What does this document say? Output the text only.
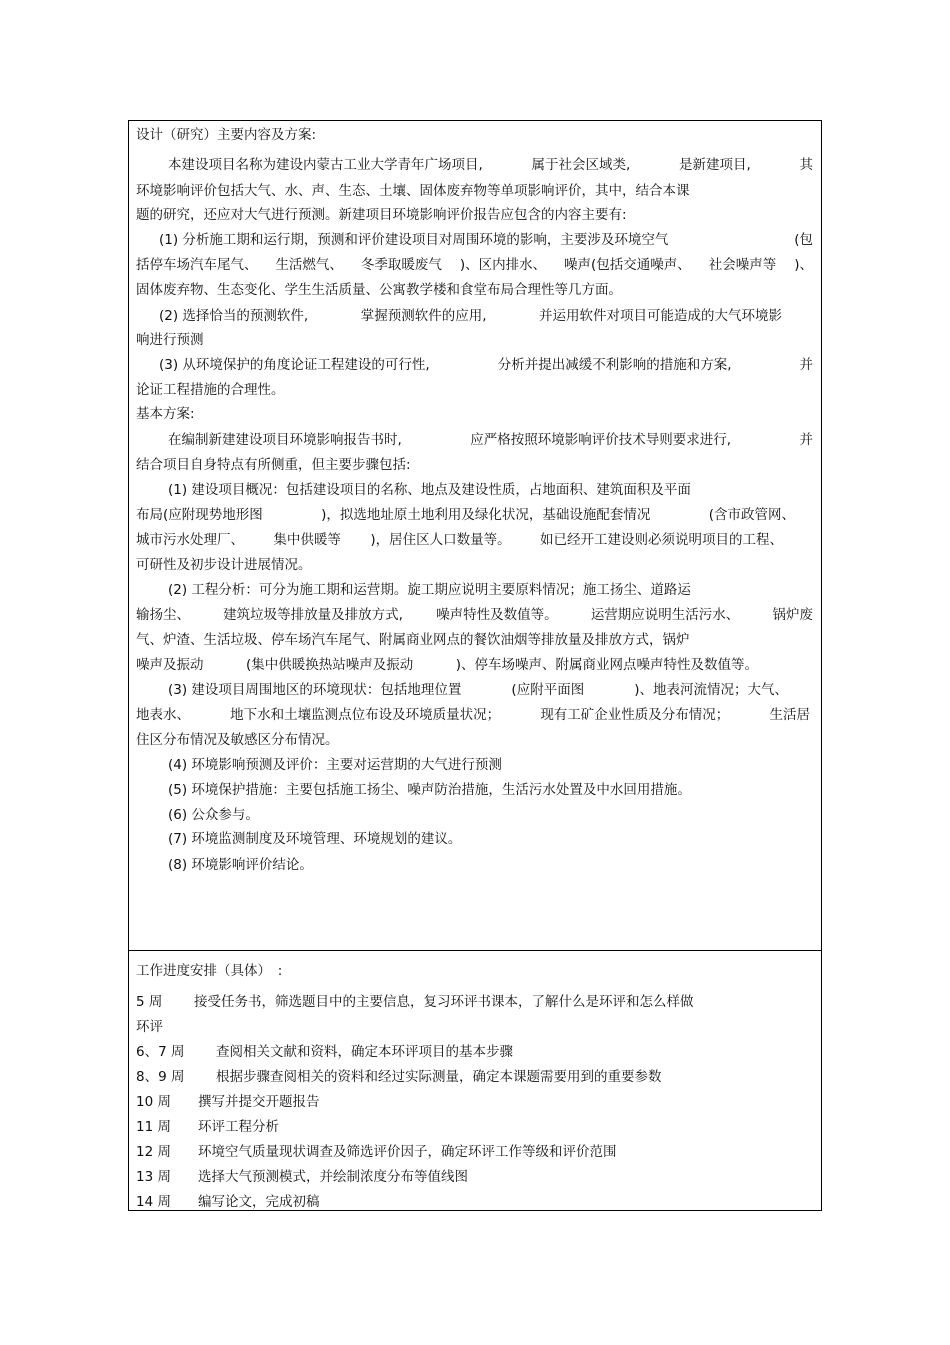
设计（研究）主要内容及方案:
本建设项目名称为建设内蒙古工业大学青年广场项目,	属于社会区域类,	是新建项目,	其
环境影响评价包括大气、水、声、生态、土壤、固体废弃物等单项影响评价，其中，结合本课
题的研究，还应对大气进行预测。新建项目环境影响评价报告应包含的内容主要有:
(1) 分析施工期和运行期，预测和评价建设项目对周围环境的影响，主要涉及环境空气	(包
括停车场汽车尾气、 生活燃气、 冬季取暖废气 )、区内排水、 噪声(包括交通噪声、 社会噪声等 )、
固体废弃物、生态变化、学生生活质量、公寓教学楼和食堂布局合理性等几方面。
(2) 选择恰当的预测软件,	掌握预测软件的应用,	并运用软件对项目可能造成的大气环境影
响进行预测
(3) 从环境保护的角度论证工程建设的可行性,	分析并提出减缓不利影响的措施和方案,	并
论证工程措施的合理性。
基本方案:
在编制新建建设项目环境影响报告书时,	应严格按照环境影响评价技术导则要求进行,	并
结合项目自身特点有所侧重，但主要步骤包括:
(1) 建设项目概况：包括建设项目的名称、地点及建设性质，占地面积、建筑面积及平面
布局(应附现势地形图	)，拟选地址原土地利用及绿化状况，基础设施配套情况	(含市政管网、
城市污水处理厂、 集中供暖等 )，居住区人口数量等。 如已经开工建设则必须说明项目的工程、
可研性及初步设计进展情况。
(2) 工程分析：可分为施工期和运营期。旋工期应说明主要原料情况；施工扬尘、道路运
输扬尘、 建筑垃圾等排放量及排放方式, 噪声特性及数值等。 运营期应说明生活污水、 锅炉废
气、炉渣、生活垃圾、停车场汽车尾气、附属商业网点的餐饮油烟等排放量及排放方式，锅炉
噪声及振动	(集中供暖换热站噪声及振动	)、停车场噪声、附属商业网点噪声特性及数值等。
(3) 建设项目周围地区的环境现状：包括地理位置	(应附平面图	)、地表河流情况；大气、
地表水、	地下水和土壤监测点位布设及环境质量状况；	现有工矿企业性质及分布情况；	生活居
住区分布情况及敏感区分布情况。
(4) 环境影响预测及评价：主要对运营期的大气进行预测
(5) 环境保护措施：主要包括施工扬尘、噪声防治措施，生活污水处置及中水回用措施。
(6) 公众参与。
(7) 环境监测制度及环境管理、环境规划的建议。
(8) 环境影响评价结论。
工作进度安排（具体）　:
5 周 接受任务书，筛选题目中的主要信息，复习环评书课本，了解什么是环评和怎么样做
环评
6、7 周 查阅相关文献和资料，确定本环评项目的基本步骤
8、9 周 根据步骤查阅相关的资料和经过实际测量，确定本课题需要用到的重要参数
10 周 撰写并提交开题报告
11 周 环评工程分析
12 周 环境空气质量现状调查及筛选评价因子，确定环评工作等级和评价范围
13 周 选择大气预测模式，并绘制浓度分布等值线图
14 周 编写论文，完成初稿
